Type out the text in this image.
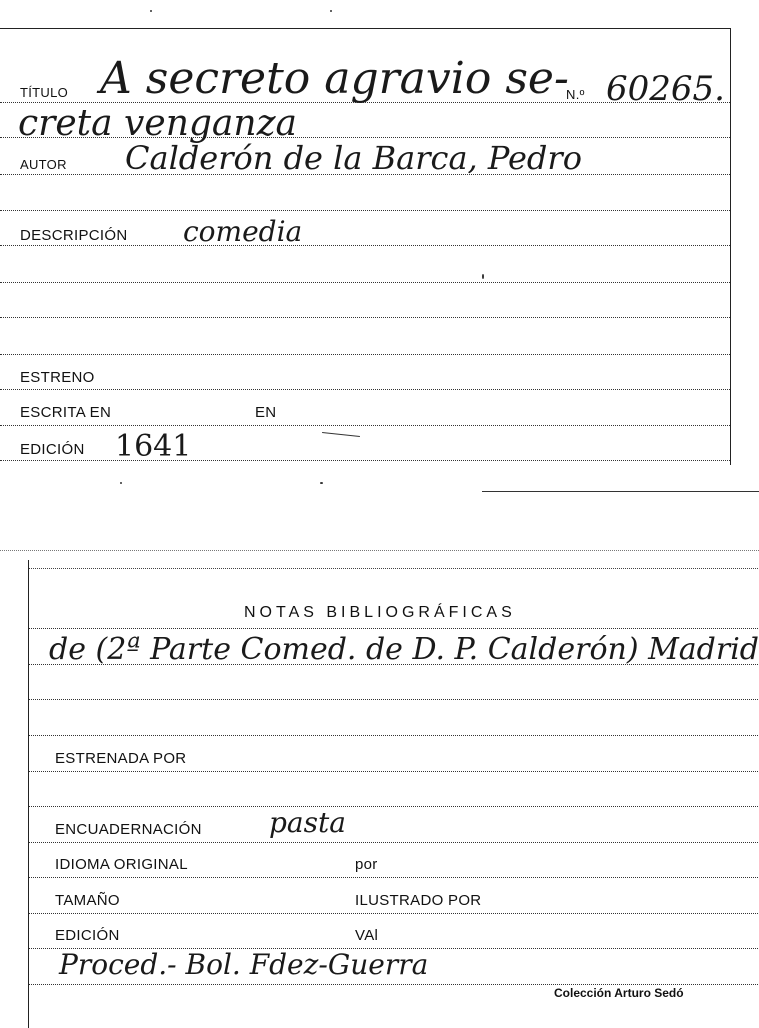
TÍTULO A secreto agravio se-
N.º 60265.
creta venganza
AUTOR Calderón de la Barca, Pedro
DESCRIPCIÓN comedia
ESTRENO
ESCRITA EN	EN
EDICIÓN 1641
NOTAS BIBLIOGRÁFICAS
de (2ª Parte Comed. de D. P. Calderón) Madrid
ESTRENADA POR
ENCUADERNACIÓN pasta
IDIOMA ORIGINAL	por
TAMAÑO	ILUSTRADO POR
EDICIÓN	VAl
Proced.- Bol. Fdez-Guerra
Colección Arturo Sedó
